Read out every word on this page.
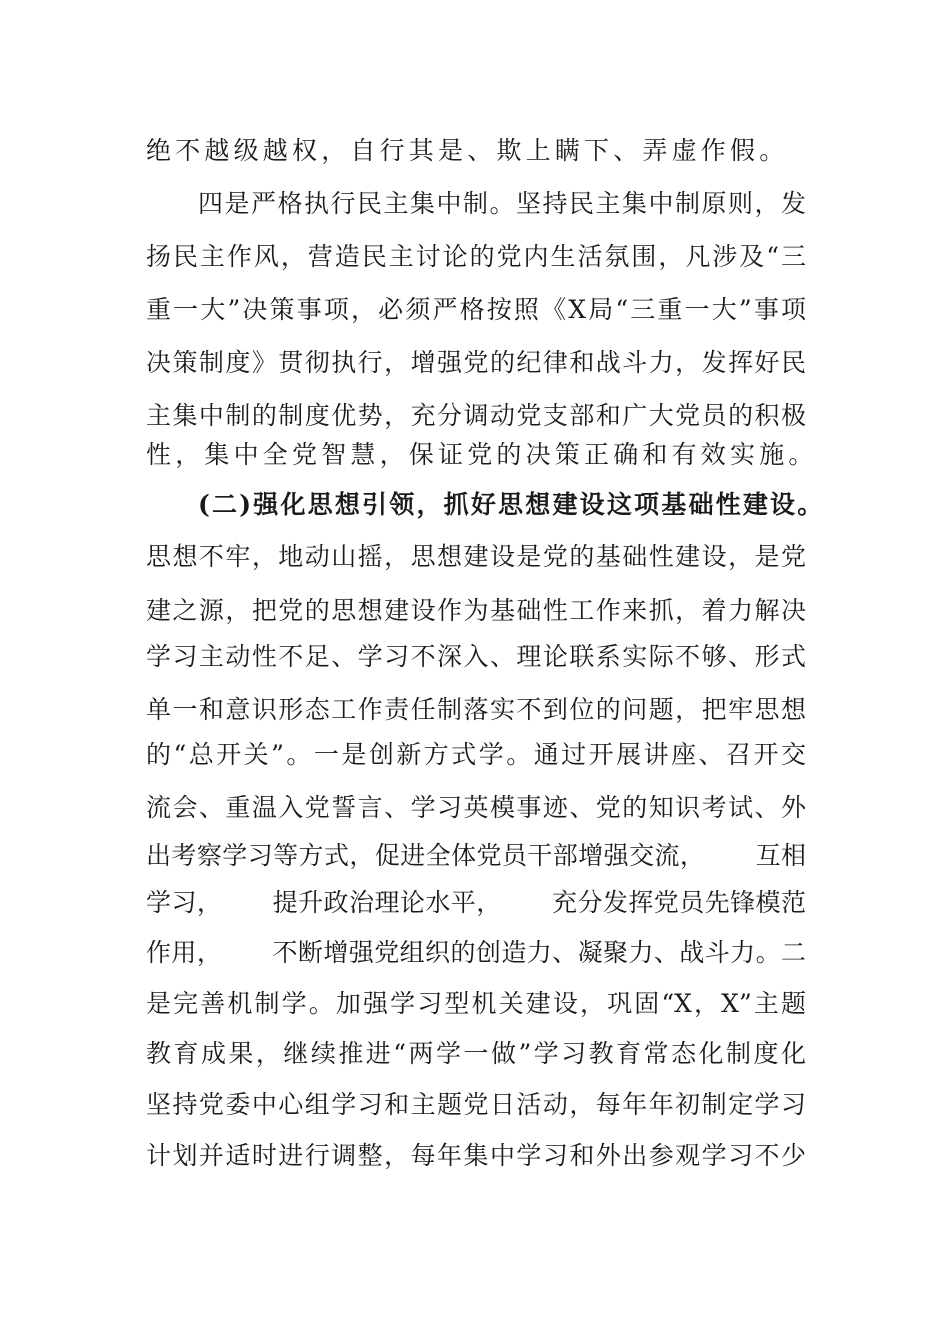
绝不越级越权，自行其是、欺上瞒下、弄虚作假。
四是严格执行民主集中制。坚持民主集中制原则，发
扬民主作风，营造民主讨论的党内生活氛围，凡涉及“三
重一大”决策事项，必须严格按照《X局“三重一大”事项
决策制度》贯彻执行，增强党的纪律和战斗力，发挥好民
主集中制的制度优势，充分调动党支部和广大党员的积极
性，集中全党智慧，保证党的决策正确和有效实施。
(二)强化思想引领，抓好思想建设这项基础性建设。
思想不牢，地动山摇，思想建设是党的基础性建设，是党
建之源，把党的思想建设作为基础性工作来抓，着力解决
学习主动性不足、学习不深入、理论联系实际不够、形式
单一和意识形态工作责任制落实不到位的问题，把牢思想
的“总开关”。一是创新方式学。通过开展讲座、召开交
流会、重温入党誓言、学习英模事迹、党的知识考试、外
出考察学习等方式，促进全体党员干部增强交流，      互相
学习，      提升政治理论水平，      充分发挥党员先锋模范
作用，      不断增强党组织的创造力、凝聚力、战斗力。二
是完善机制学。加强学习型机关建设，巩固“X，X”主题
教育成果，继续推进“两学一做”学习教育常态化制度化
坚持党委中心组学习和主题党日活动，每年年初制定学习
计划并适时进行调整，每年集中学习和外出参观学习不少
